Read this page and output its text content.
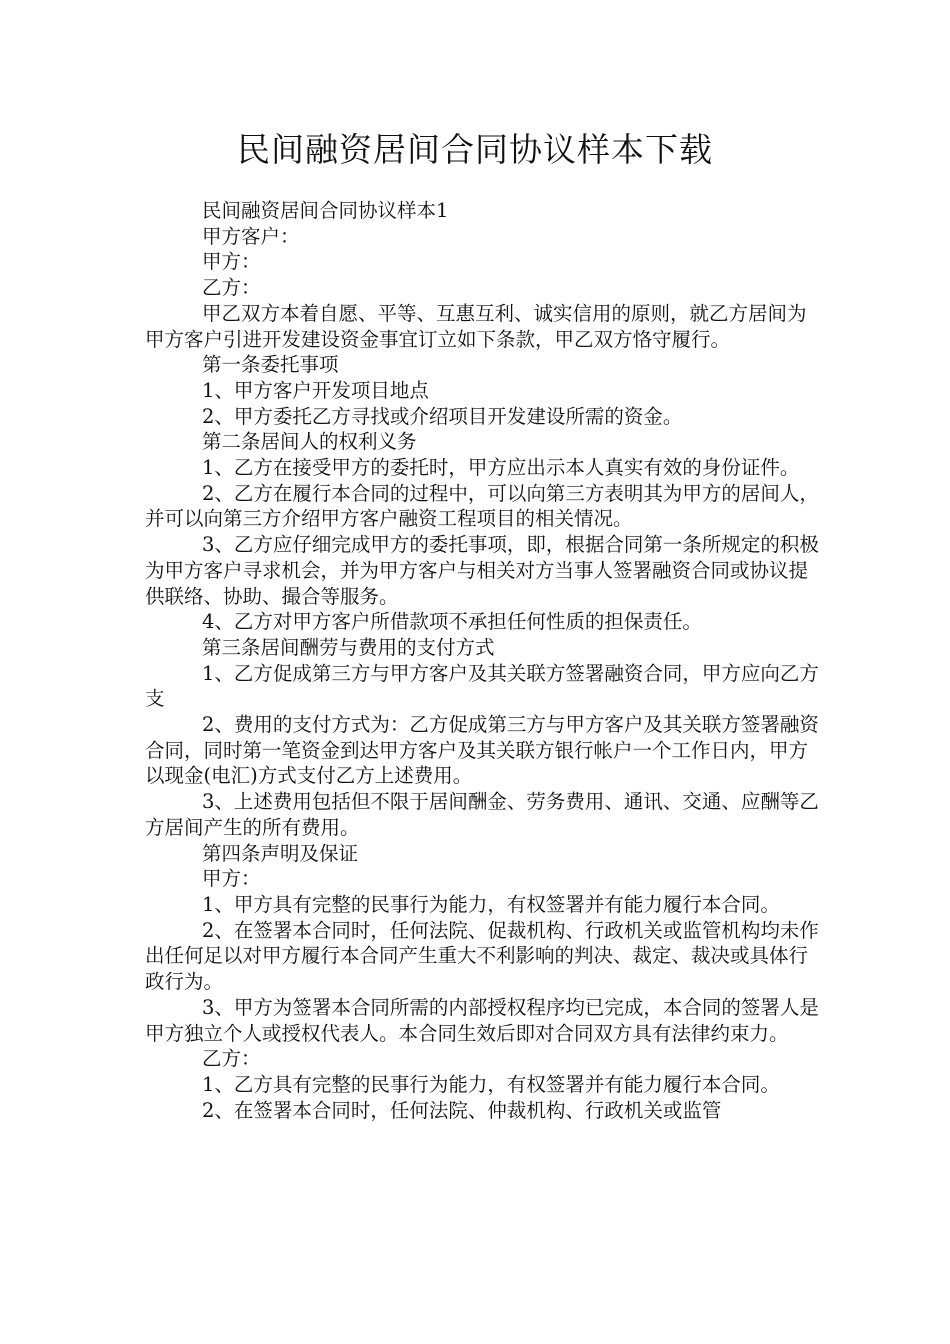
民间融资居间合同协议样本下载

民间融资居间合同协议样本1

甲方客户：

甲方：

乙方：

甲乙双方本着自愿、平等、互惠互利、诚实信用的原则，就乙方居间为甲方客户引进开发建设资金事宜订立如下条款，甲乙双方恪守履行。

第一条委托事项

1、甲方客户开发项目地点

2、甲方委托乙方寻找或介绍项目开发建设所需的资金。

第二条居间人的权利义务

1、乙方在接受甲方的委托时，甲方应出示本人真实有效的身份证件。

2、乙方在履行本合同的过程中，可以向第三方表明其为甲方的居间人，并可以向第三方介绍甲方客户融资工程项目的相关情况。

3、乙方应仔细完成甲方的委托事项，即，根据合同第一条所规定的积极为甲方客户寻求机会，并为甲方客户与相关对方当事人签署融资合同或协议提供联络、协助、撮合等服务。

4、乙方对甲方客户所借款项不承担任何性质的担保责任。

第三条居间酬劳与费用的支付方式

1、乙方促成第三方与甲方客户及其关联方签署融资合同，甲方应向乙方支

2、费用的支付方式为：乙方促成第三方与甲方客户及其关联方签署融资合同，同时第一笔资金到达甲方客户及其关联方银行帐户一个工作日内，甲方以现金(电汇)方式支付乙方上述费用。

3、上述费用包括但不限于居间酬金、劳务费用、通讯、交通、应酬等乙方居间产生的所有费用。

第四条声明及保证

甲方：

1、甲方具有完整的民事行为能力，有权签署并有能力履行本合同。

2、在签署本合同时，任何法院、促裁机构、行政机关或监管机构均未作出任何足以对甲方履行本合同产生重大不利影响的判决、裁定、裁决或具体行政行为。

3、甲方为签署本合同所需的内部授权程序均已完成，本合同的签署人是甲方独立个人或授权代表人。本合同生效后即对合同双方具有法律约束力。

乙方：

1、乙方具有完整的民事行为能力，有权签署并有能力履行本合同。

2、在签署本合同时，任何法院、仲裁机构、行政机关或监管
